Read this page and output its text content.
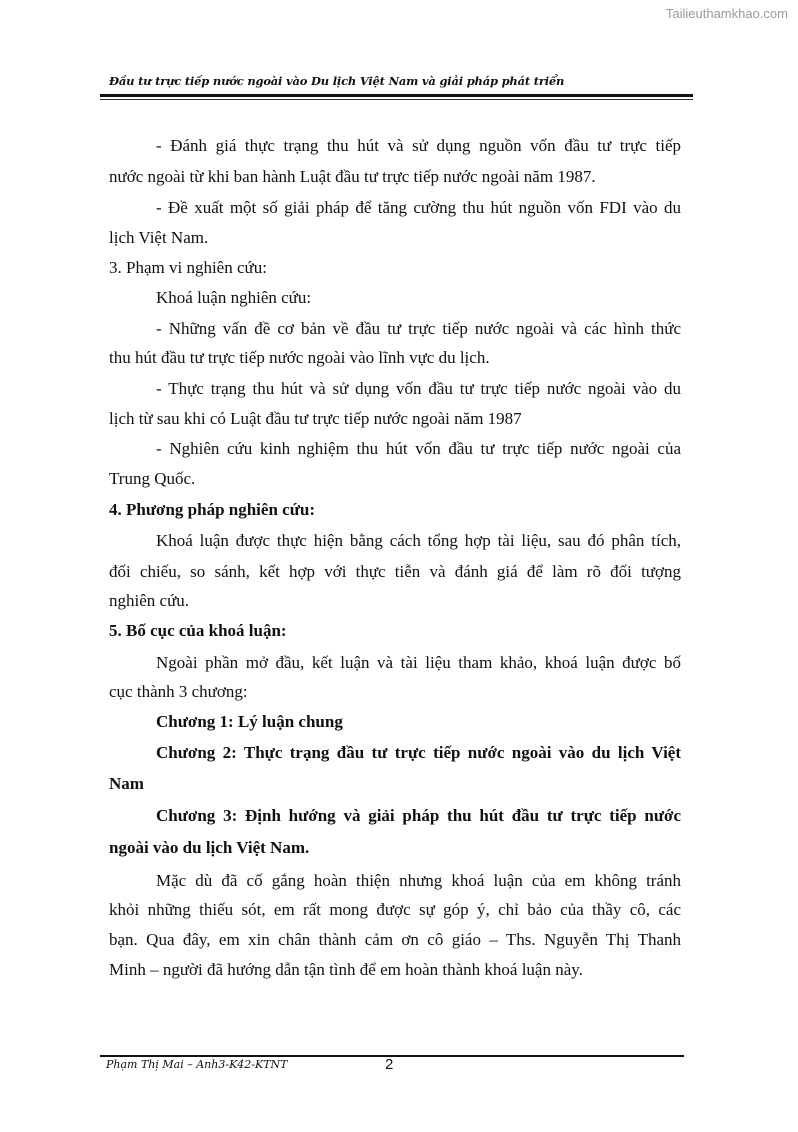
Tailieuthamkhao.com
Đầu tư trực tiếp nước ngoài vào Du lịch Việt Nam và giải pháp phát triển
- Đánh giá thực trạng thu hút và sử dụng nguồn vốn đầu tư trực tiếp
nước ngoài từ khi ban hành Luật đầu tư trực tiếp nước ngoài năm 1987.
- Đề xuất một số giải pháp để tăng cường thu hút nguồn vốn FDI vào du
lịch Việt Nam.
3. Phạm vi nghiên cứu:
Khoá luận nghiên cứu:
- Những vấn đề cơ bản về đầu tư trực tiếp nước ngoài và các hình thức
thu hút đầu tư trực tiếp nước ngoài vào lĩnh vực du lịch.
- Thực trạng thu hút và sử dụng vốn đầu tư trực tiếp nước ngoài vào du
lịch từ sau khi có Luật đầu tư trực tiếp nước ngoài năm 1987
- Nghiên cứu kinh nghiệm thu hút vốn đầu tư trực tiếp nước ngoài của
Trung Quốc.
4. Phương pháp nghiên cứu:
Khoá luận được thực hiện bằng cách tổng hợp tài liệu, sau đó phân tích,
đối chiếu, so sánh, kết hợp với thực tiễn và đánh giá để làm rõ đối tượng
nghiên cứu.
5. Bố cục của khoá luận:
Ngoài phần mở đầu, kết luận và tài liệu tham khảo, khoá luận được bố
cục thành 3 chương:
Chương 1: Lý luận chung
Chương 2: Thực trạng đầu tư trực tiếp nước ngoài vào du lịch Việt
Nam
Chương 3: Định hướng và giải pháp thu hút đầu tư trực tiếp nước
ngoài vào du lịch Việt Nam.
Mặc dù đã cố gắng hoàn thiện nhưng khoá luận của em không tránh
khỏi những thiếu sót, em rất mong được sự góp ý, chỉ bảo của thầy cô, các
bạn. Qua đây, em xin chân thành cảm ơn cô giáo – Ths. Nguyễn Thị Thanh
Minh – người đã hướng dẫn tận tình để em hoàn thành khoá luận này.
Phạm Thị Mai – Anh3-K42-KTNT	2
